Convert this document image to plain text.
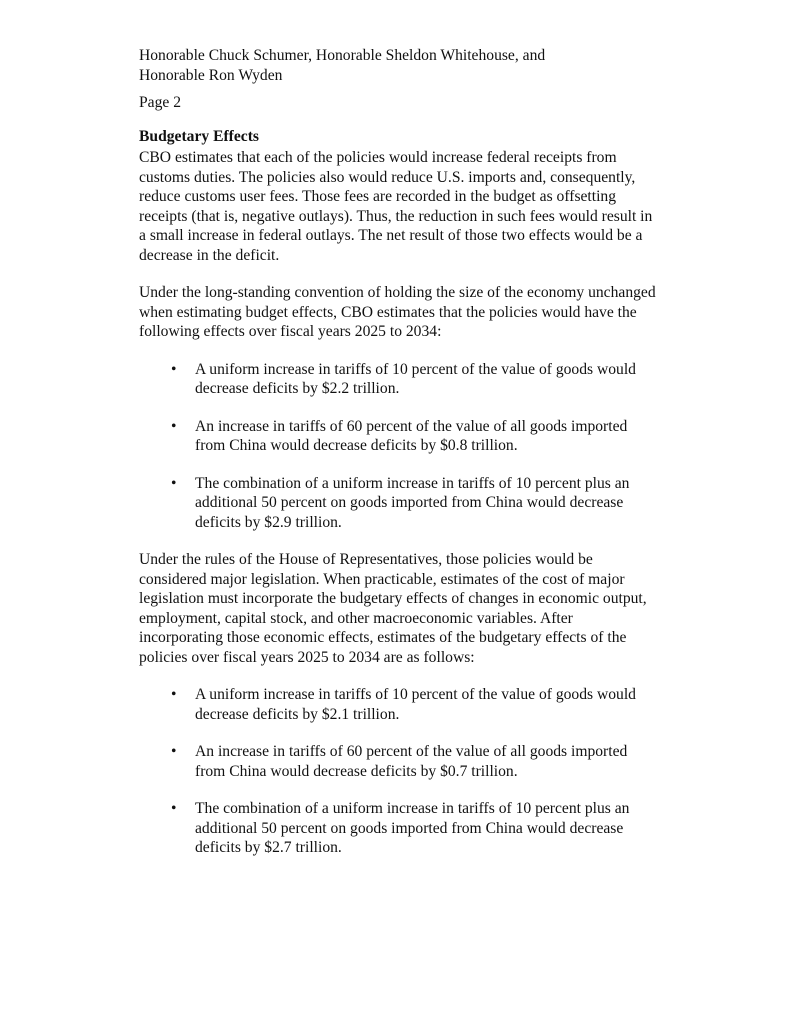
Honorable Chuck Schumer, Honorable Sheldon Whitehouse, and

Honorable Ron Wyden

Page 2

Budgetary Effects

CBO estimates that each of the policies would increase federal receipts from customs duties. The policies also would reduce U.S. imports and, consequently, reduce customs user fees. Those fees are recorded in the budget as offsetting receipts (that is, negative outlays). Thus, the reduction in such fees would result in a small increase in federal outlays. The net result of those two effects would be a decrease in the deficit.

Under the long-standing convention of holding the size of the economy unchanged when estimating budget effects, CBO estimates that the policies would have the following effects over fiscal years 2025 to 2034:

• A uniform increase in tariffs of 10 percent of the value of goods would decrease deficits by $2.2 trillion.
• An increase in tariffs of 60 percent of the value of all goods imported from China would decrease deficits by $0.8 trillion.
• The combination of a uniform increase in tariffs of 10 percent plus an additional 50 percent on goods imported from China would decrease deficits by $2.9 trillion.

Under the rules of the House of Representatives, those policies would be considered major legislation. When practicable, estimates of the cost of major legislation must incorporate the budgetary effects of changes in economic output, employment, capital stock, and other macroeconomic variables. After incorporating those economic effects, estimates of the budgetary effects of the policies over fiscal years 2025 to 2034 are as follows:

• A uniform increase in tariffs of 10 percent of the value of goods would decrease deficits by $2.1 trillion.
• An increase in tariffs of 60 percent of the value of all goods imported from China would decrease deficits by $0.7 trillion.
• The combination of a uniform increase in tariffs of 10 percent plus an additional 50 percent on goods imported from China would decrease deficits by $2.7 trillion.
